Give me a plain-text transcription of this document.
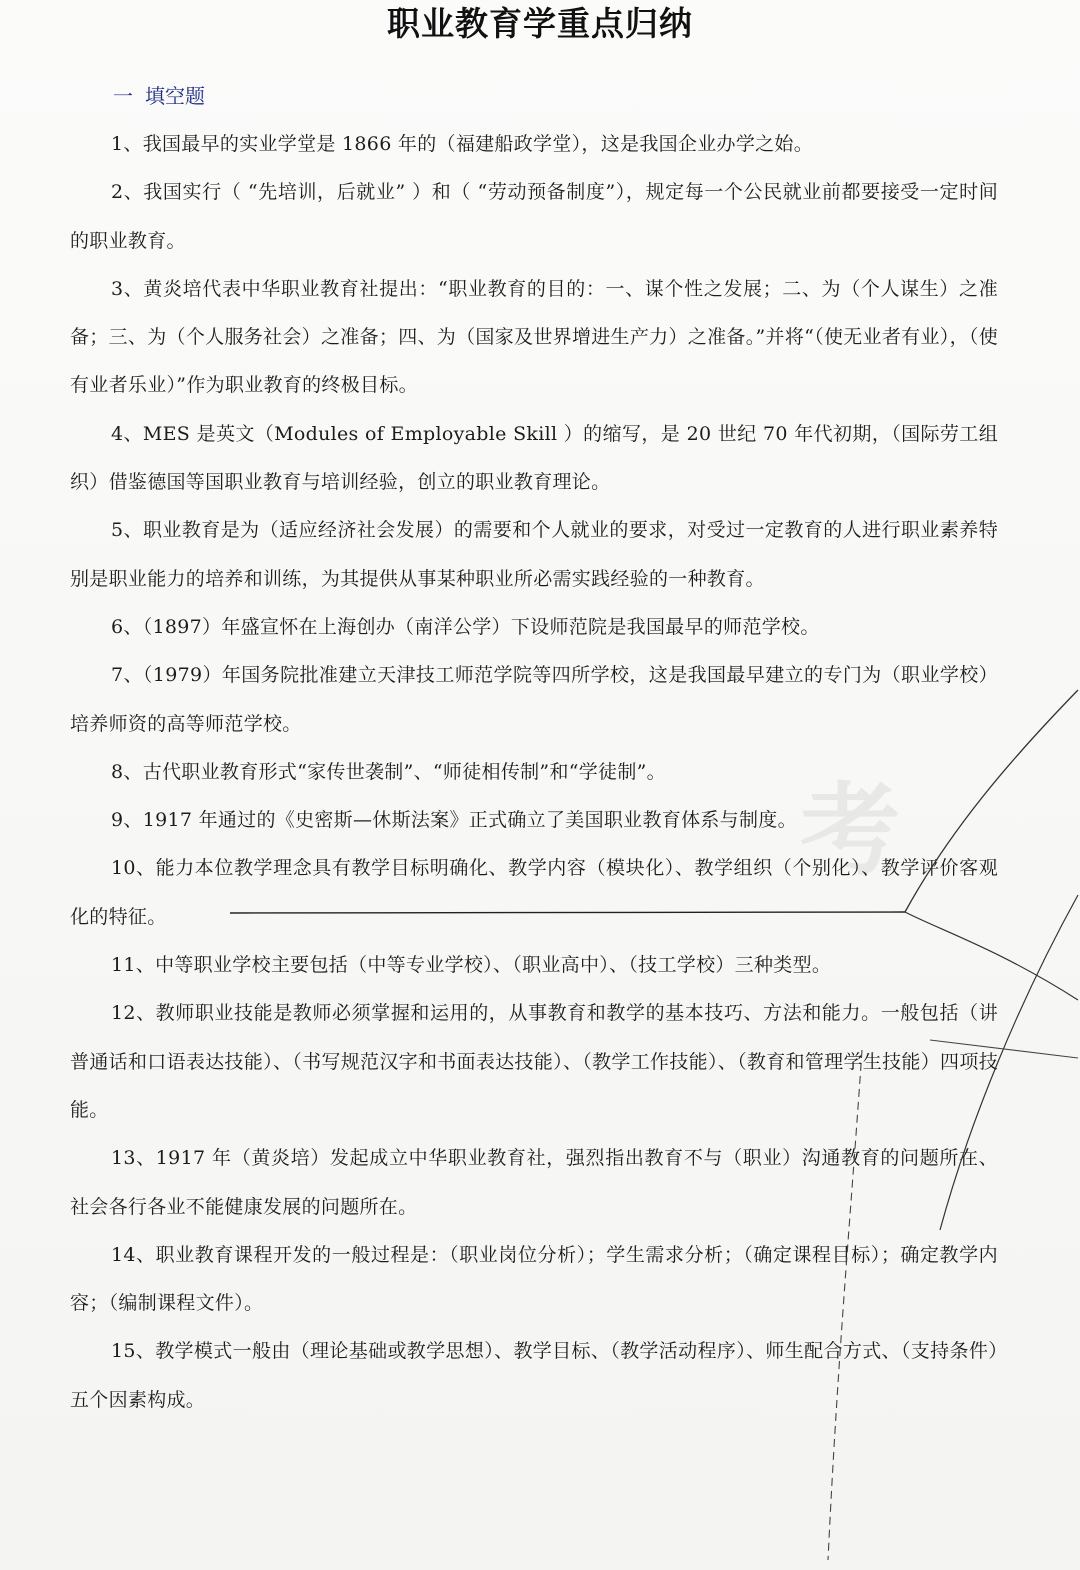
职业教育学重点归纳
一 填空题

1、我国最早的实业学堂是 1866 年的（福建船政学堂），这是我国企业办学之始。

2、我国实行（ “先培训，后就业” ）和（ “劳动预备制度”），规定每一个公民就业前都要接受一定时间的职业教育。

3、黄炎培代表中华职业教育社提出：“职业教育的目的：一、谋个性之发展；二、为（个人谋生）之准备；三、为（个人服务社会）之准备；四、为（国家及世界增进生产力）之准备。”并将“（使无业者有业），（使有业者乐业）”作为职业教育的终极目标。

4、MES 是英文（Modules of Employable Skill ）的缩写，是 20 世纪 70 年代初期，（国际劳工组织）借鉴德国等国职业教育与培训经验，创立的职业教育理论。

5、职业教育是为（适应经济社会发展）的需要和个人就业的要求，对受过一定教育的人进行职业素养特别是职业能力的培养和训练，为其提供从事某种职业所必需实践经验的一种教育。

6、（1897）年盛宣怀在上海创办（南洋公学）下设师范院是我国最早的师范学校。

7、（1979）年国务院批准建立天津技工师范学院等四所学校，这是我国最早建立的专门为（职业学校）培养师资的高等师范学校。

8、古代职业教育形式“家传世袭制”、“师徒相传制”和“学徒制”。

9、1917 年通过的《史密斯—休斯法案》正式确立了美国职业教育体系与制度。

10、能力本位教学理念具有教学目标明确化、教学内容（模块化）、教学组织（个别化）、教学评价客观化的特征。

11、中等职业学校主要包括（中等专业学校）、（职业高中）、（技工学校）三种类型。

12、教师职业技能是教师必须掌握和运用的，从事教育和教学的基本技巧、方法和能力。一般包括（讲普通话和口语表达技能）、（书写规范汉字和书面表达技能）、（教学工作技能）、（教育和管理学生技能）四项技能。

13、1917 年（黄炎培）发起成立中华职业教育社，强烈指出教育不与（职业）沟通教育的问题所在、社会各行各业不能健康发展的问题所在。

14、职业教育课程开发的一般过程是：（职业岗位分析）；学生需求分析；（确定课程目标）；确定教学内容；（编制课程文件）。

15、教学模式一般由（理论基础或教学思想）、教学目标、（教学活动程序）、师生配合方式、（支持条件）五个因素构成。

考
